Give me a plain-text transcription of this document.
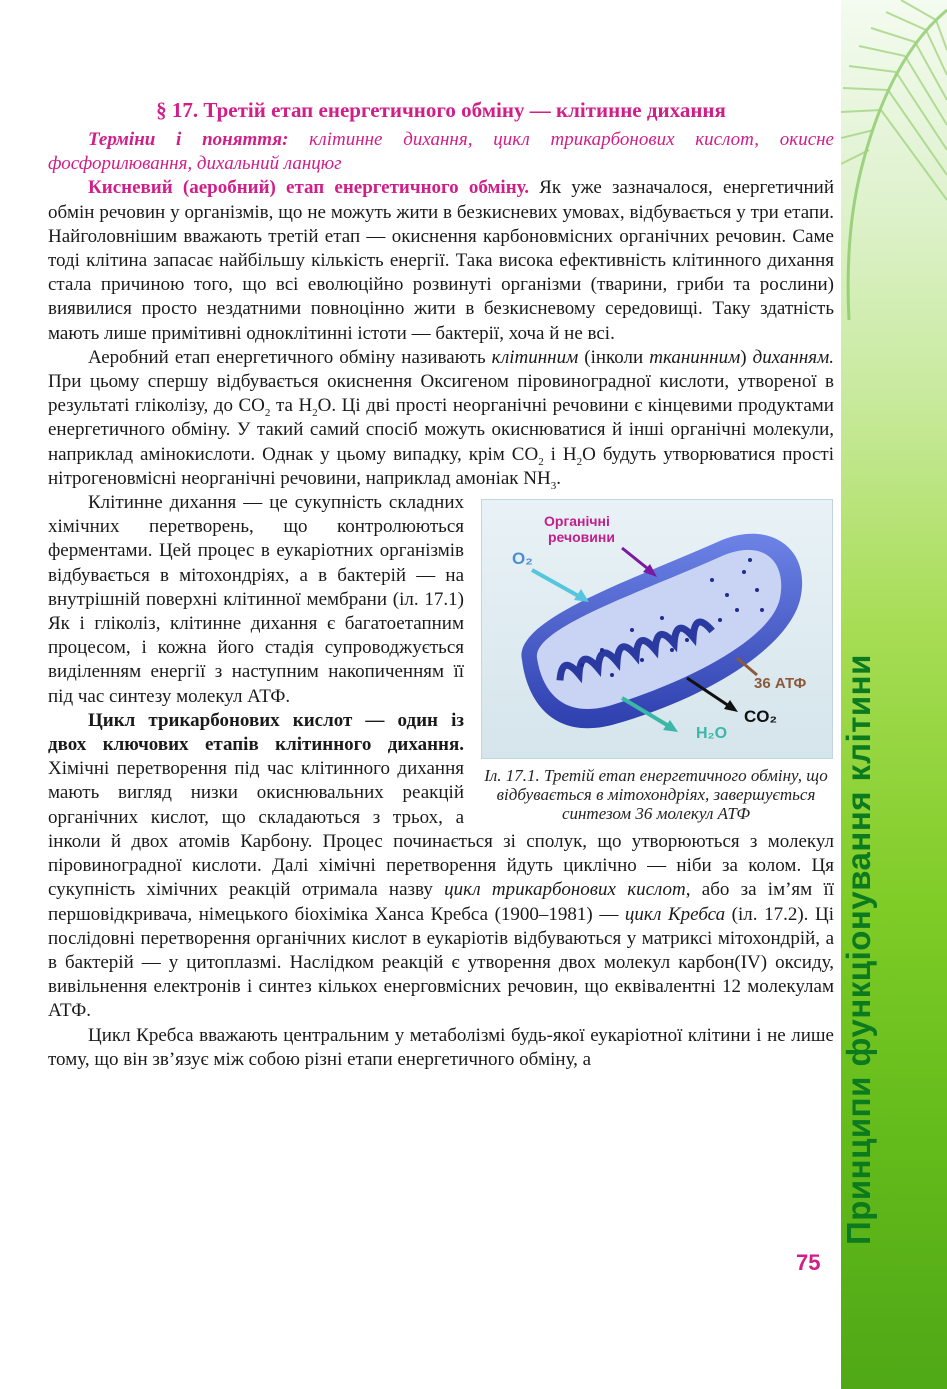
Принципи функціонування клітини
§ 17. Третій етап енергетичного обміну — клітинне дихання

Терміни і поняття: клітинне дихання, цикл трикарбонових кислот, окисне фосфорилювання, дихальний ланцюг

Кисневий (аеробний) етап енергетичного обміну. Як уже зазначалося, енергетичний обмін речовин у організмів, що не можуть жити в безкисневих умовах, відбувається у три етапи. Найголовнішим вважають третій етап — окиснення карбоновмісних органічних речовин. Саме тоді клітина запасає найбільшу кількість енергії. Така висока ефективність клітинного дихання стала причиною того, що всі еволюційно розвинуті організми (тварини, гриби та рослини) виявилися просто нездатними повноцінно жити в безкисневому середовищі. Таку здатність мають лише примітивні одноклітинні істоти — бактерії, хоча й не всі.

Аеробний етап енергетичного обміну називають клітинним (інколи тканинним) диханням. При цьому спершу відбувається окиснення Оксигеном піровиноградної кислоти, утвореної в результаті гліколізу, до $CO_2$ та $H_2O$. Ці дві прості неорганічні речовини є кінцевими продуктами енергетичного обміну. У такий самий спосіб можуть окиснюватися й інші органічні молекули, наприклад амінокислоти. Однак у цьому випадку, крім $CO_2$ і $H_2O$ будуть утворюватися прості нітрогеновмісні неорганічні речовини, наприклад амоніак $NH_3$.

Органічні
речовини
O₂
36 АТФ
CO₂
H₂O
Іл. 17.1. Третій етап енергетичного обміну, що відбувається в мітохондріях, завершується синтезом 36 молекул АТФ
Клітинне дихання — це сукупність складних хімічних перетворень, що контролюються ферментами. Цей процес в еукаріотних організмів відбувається в мітохондріях, а в бактерій — на внутрішній поверхні клітинної мембрани (іл. 17.1) Як і гліколіз, клітинне дихання є багатоетапним процесом, і кожна його стадія супроводжується виділенням енергії з наступним накопиченням її під час синтезу молекул АТФ.

Цикл трикарбонових кислот — один із двох ключових етапів клітинного дихання. Хімічні перетворення під час клітинного дихання мають вигляд низки окиснювальних реакцій органічних кислот, що складаються з трьох, а інколи й двох атомів Карбону. Процес починається зі сполук, що утворюються з молекул піровиноградної кислоти. Далі хімічні перетворення йдуть циклічно — ніби за колом. Ця сукупність хімічних реакцій отримала назву цикл трикарбонових кислот, або за ім’ям її першовідкривача, німецького біохіміка Ханса Кребса (1900–1981) — цикл Кребса (іл. 17.2). Ці послідовні перетворення органічних кислот в еукаріотів відбуваються у матриксі мітохондрій, а в бактерій — у цитоплазмі. Наслідком реакцій є утворення двох молекул карбон(IV) оксиду, вивільнення електронів і синтез кількох енерговмісних речовин, що еквівалентні 12 молекулам АТФ.

Цикл Кребса вважають центральним у метаболізмі будь-якої еукаріотної клітини і не лише тому, що він зв’язує між собою різні етапи енергетичного обміну, а

75
